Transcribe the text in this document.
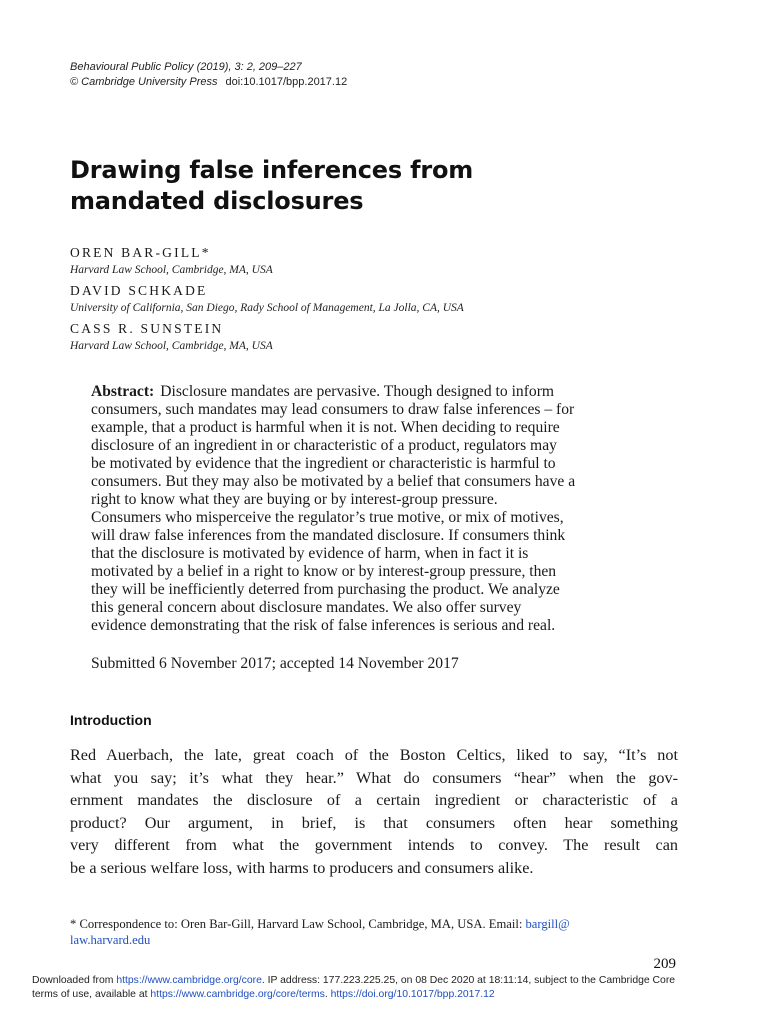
Behavioural Public Policy (2019), 3: 2, 209–227
© Cambridge University Press doi:10.1017/bpp.2017.12
Drawing false inferences from
mandated disclosures
OREN BAR-GILL*
Harvard Law School, Cambridge, MA, USA
DAVID SCHKADE
University of California, San Diego, Rady School of Management, La Jolla, CA, USA
CASS R. SUNSTEIN
Harvard Law School, Cambridge, MA, USA
Abstract: Disclosure mandates are pervasive. Though designed to inform
consumers, such mandates may lead consumers to draw false inferences – for
example, that a product is harmful when it is not. When deciding to require
disclosure of an ingredient in or characteristic of a product, regulators may
be motivated by evidence that the ingredient or characteristic is harmful to
consumers. But they may also be motivated by a belief that consumers have a
right to know what they are buying or by interest-group pressure.
Consumers who misperceive the regulator’s true motive, or mix of motives,
will draw false inferences from the mandated disclosure. If consumers think
that the disclosure is motivated by evidence of harm, when in fact it is
motivated by a belief in a right to know or by interest-group pressure, then
they will be inefficiently deterred from purchasing the product. We analyze
this general concern about disclosure mandates. We also offer survey
evidence demonstrating that the risk of false inferences is serious and real.
Submitted 6 November 2017; accepted 14 November 2017
Introduction
Red Auerbach, the late, great coach of the Boston Celtics, liked to say, “It’s not
what you say; it’s what they hear.” What do consumers “hear” when the gov-
ernment mandates the disclosure of a certain ingredient or characteristic of a
product? Our argument, in brief, is that consumers often hear something
very different from what the government intends to convey. The result can
be a serious welfare loss, with harms to producers and consumers alike.
* Correspondence to: Oren Bar-Gill, Harvard Law School, Cambridge, MA, USA. Email: bargill@
law.harvard.edu
209
Downloaded from https://www.cambridge.org/core. IP address: 177.223.225.25, on 08 Dec 2020 at 18:11:14, subject to the Cambridge Core
terms of use, available at https://www.cambridge.org/core/terms. https://doi.org/10.1017/bpp.2017.12
